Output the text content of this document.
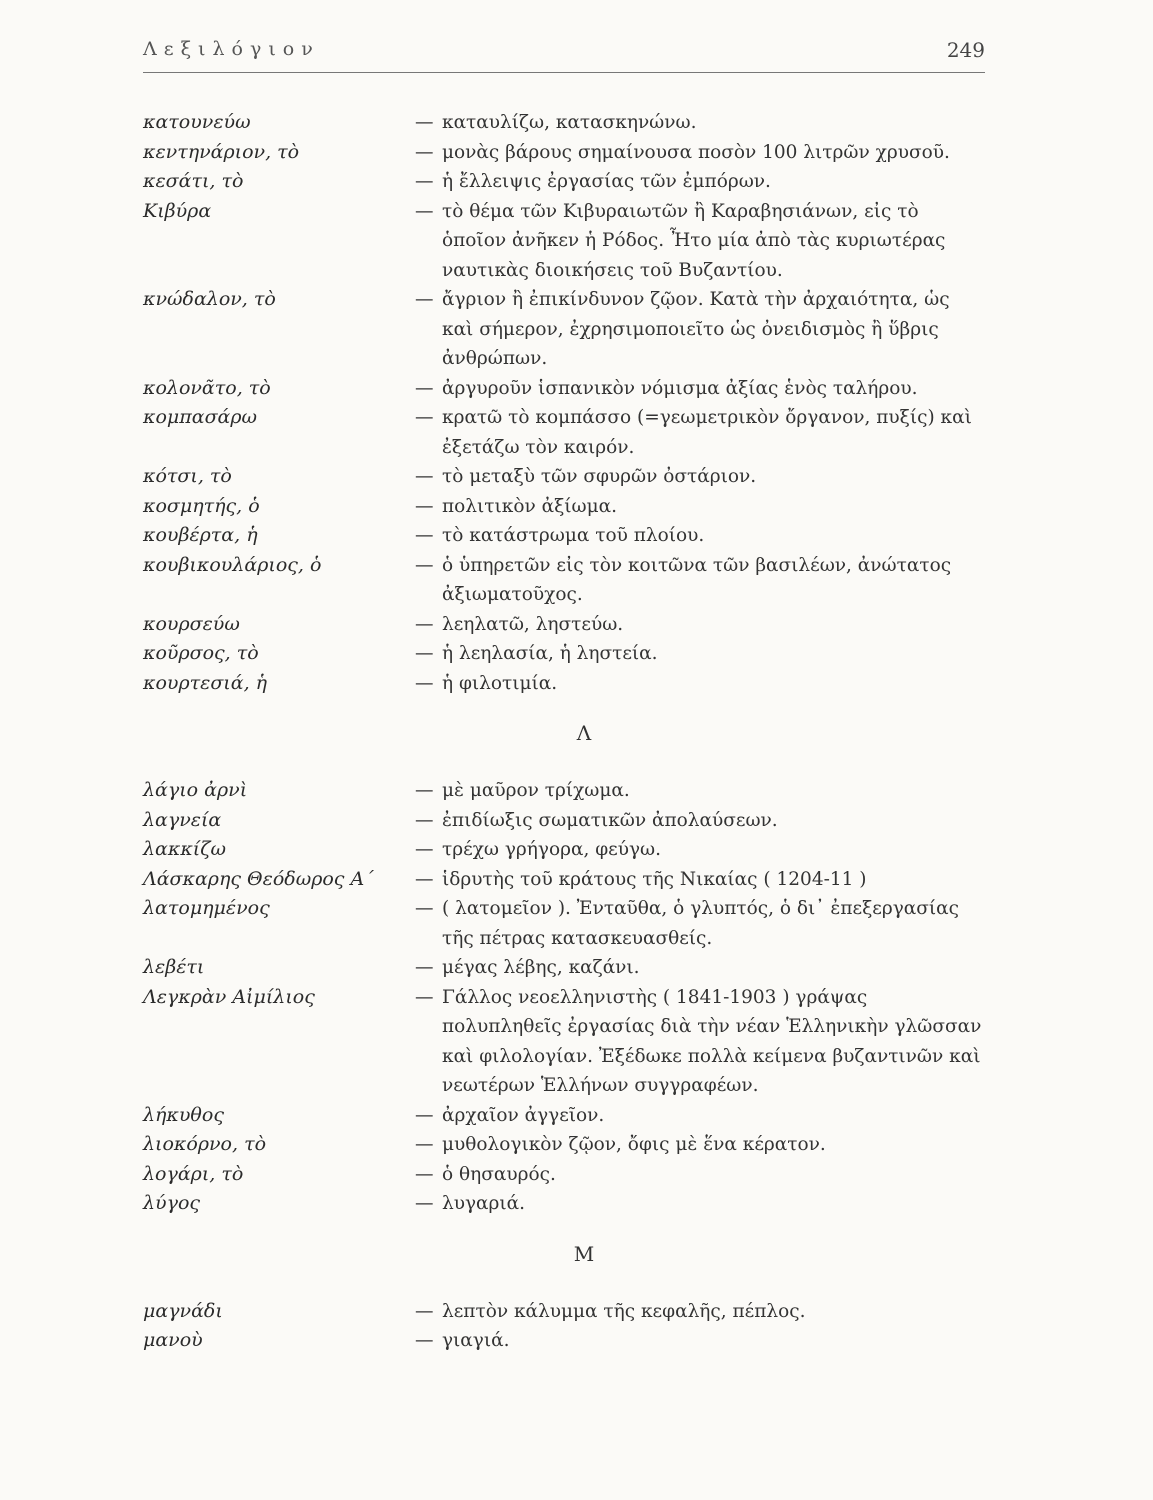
Λεξιλόγιον	249
κατουνεύω	— καταυλίζω, κατασκηνώνω.
κεντηνάριον, τὸ	— μονὰς βάρους σημαίνουσα ποσὸν 100 λιτρῶν χρυσοῦ.
κεσάτι, τὸ	— ἡ ἔλλειψις ἐργασίας τῶν ἐμπόρων.
Κιβύρα	— τὸ θέμα τῶν Κιβυραιωτῶν ἢ Καραβησιάνων, εἰς τὸ ὁποῖον ἀνῆκεν ἡ Ρόδος. Ἦτο μία ἀπὸ τὰς κυριωτέρας ναυτικὰς διοικήσεις τοῦ Βυζαντίου.
κνώδαλον, τὸ	— ἄγριον ἢ ἐπικίνδυνον ζῷον. Κατὰ τὴν ἀρχαιότητα, ὡς καὶ σήμερον, ἐχρησιμοποιεῖτο ὡς ὀνειδισμὸς ἢ ὕβρις ἀνθρώπων.
κολονᾶτο, τὸ	— ἀργυροῦν ἱσπανικὸν νόμισμα ἀξίας ἑνὸς ταλήρου.
κομπασάρω	— κρατῶ τὸ κομπάσσο (=γεωμετρικὸν ὄργανον, πυξίς) καὶ ἐξετάζω τὸν καιρόν.
κότσι, τὸ	— τὸ μεταξὺ τῶν σφυρῶν ὀστάριον.
κοσμητής, ὁ	— πολιτικὸν ἀξίωμα.
κουβέρτα, ἡ	— τὸ κατάστρωμα τοῦ πλοίου.
κουβικουλάριος, ὁ	— ὁ ὑπηρετῶν εἰς τὸν κοιτῶνα τῶν βασιλέων, ἀνώτατος ἀξιωματοῦχος.
κουρσεύω	— λεηλατῶ, ληστεύω.
κοῦρσος, τὸ	— ἡ λεηλασία, ἡ ληστεία.
κουρτεσιά, ἡ	— ἡ φιλοτιμία.
Λ
λάγιο ἀρνὶ	— μὲ μαῦρον τρίχωμα.
λαγνεία	— ἐπιδίωξις σωματικῶν ἀπολαύσεων.
λακκίζω	— τρέχω γρήγορα, φεύγω.
Λάσκαρης Θεόδωρος Α΄	— ἱδρυτὴς τοῦ κράτους τῆς Νικαίας ( 1204-11 )
λατομημένος	— ( λατομεῖον ). Ἐνταῦθα, ὁ γλυπτός, ὁ δι᾿ ἐπεξεργασίας τῆς πέτρας κατασκευασθείς.
λεβέτι	— μέγας λέβης, καζάνι.
Λεγκρὰν Αἰμίλιος	— Γάλλος νεοελληνιστὴς ( 1841-1903 ) γράψας πολυπληθεῖς ἐργασίας διὰ τὴν νέαν Ἑλληνικὴν γλῶσσαν καὶ φιλολογίαν. Ἐξέδωκε πολλὰ κείμενα βυζαντινῶν καὶ νεωτέρων Ἑλλήνων συγγραφέων.
λήκυθος	— ἀρχαῖον ἀγγεῖον.
λιοκόρνο, τὸ	— μυθολογικὸν ζῷον, ὄφις μὲ ἕνα κέρατον.
λογάρι, τὸ	— ὁ θησαυρός.
λύγος	— λυγαριά.
Μ
μαγνάδι	— λεπτὸν κάλυμμα τῆς κεφαλῆς, πέπλος.
μανοὺ	— γιαγιά.
